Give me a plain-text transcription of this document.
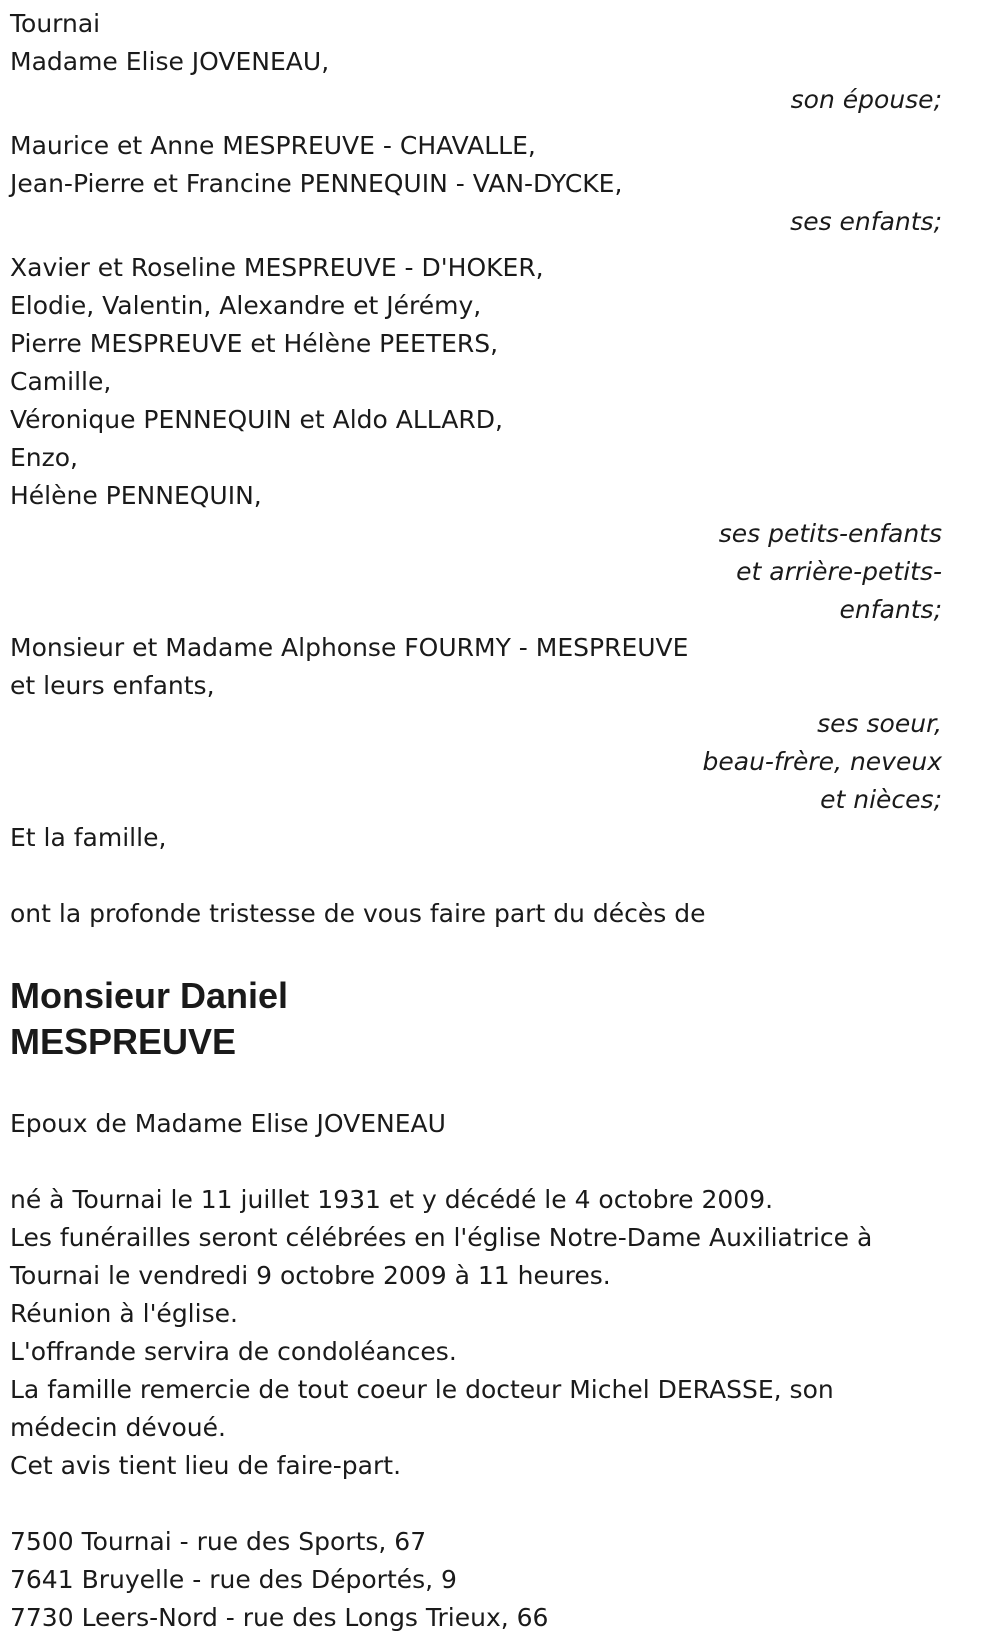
Tournai
Madame Elise JOVENEAU,
son épouse;
Maurice et Anne MESPREUVE - CHAVALLE,
Jean-Pierre et Francine PENNEQUIN - VAN-DYCKE,
ses enfants;
Xavier et Roseline MESPREUVE - D'HOKER,
Elodie, Valentin, Alexandre et Jérémy,
Pierre MESPREUVE et Hélène PEETERS,
Camille,
Véronique PENNEQUIN et Aldo ALLARD,
Enzo,
Hélène PENNEQUIN,
ses petits-enfants
et arrière-petits-
enfants;
Monsieur et Madame Alphonse FOURMY - MESPREUVE
et leurs enfants,
ses soeur,
beau-frère, neveux
et nièces;
Et la famille,
ont la profonde tristesse de vous faire part du décès de
Monsieur Daniel
MESPREUVE
Epoux de Madame Elise JOVENEAU
né à Tournai le 11 juillet 1931 et y décédé le 4 octobre 2009.
Les funérailles seront célébrées en l'église Notre-Dame Auxiliatrice à
Tournai le vendredi 9 octobre 2009 à 11 heures.
Réunion à l'église.
L'offrande servira de condoléances.
La famille remercie de tout coeur le docteur Michel DERASSE, son
médecin dévoué.
Cet avis tient lieu de faire-part.
7500 Tournai - rue des Sports, 67
7641 Bruyelle - rue des Déportés, 9
7730 Leers-Nord - rue des Longs Trieux, 66
